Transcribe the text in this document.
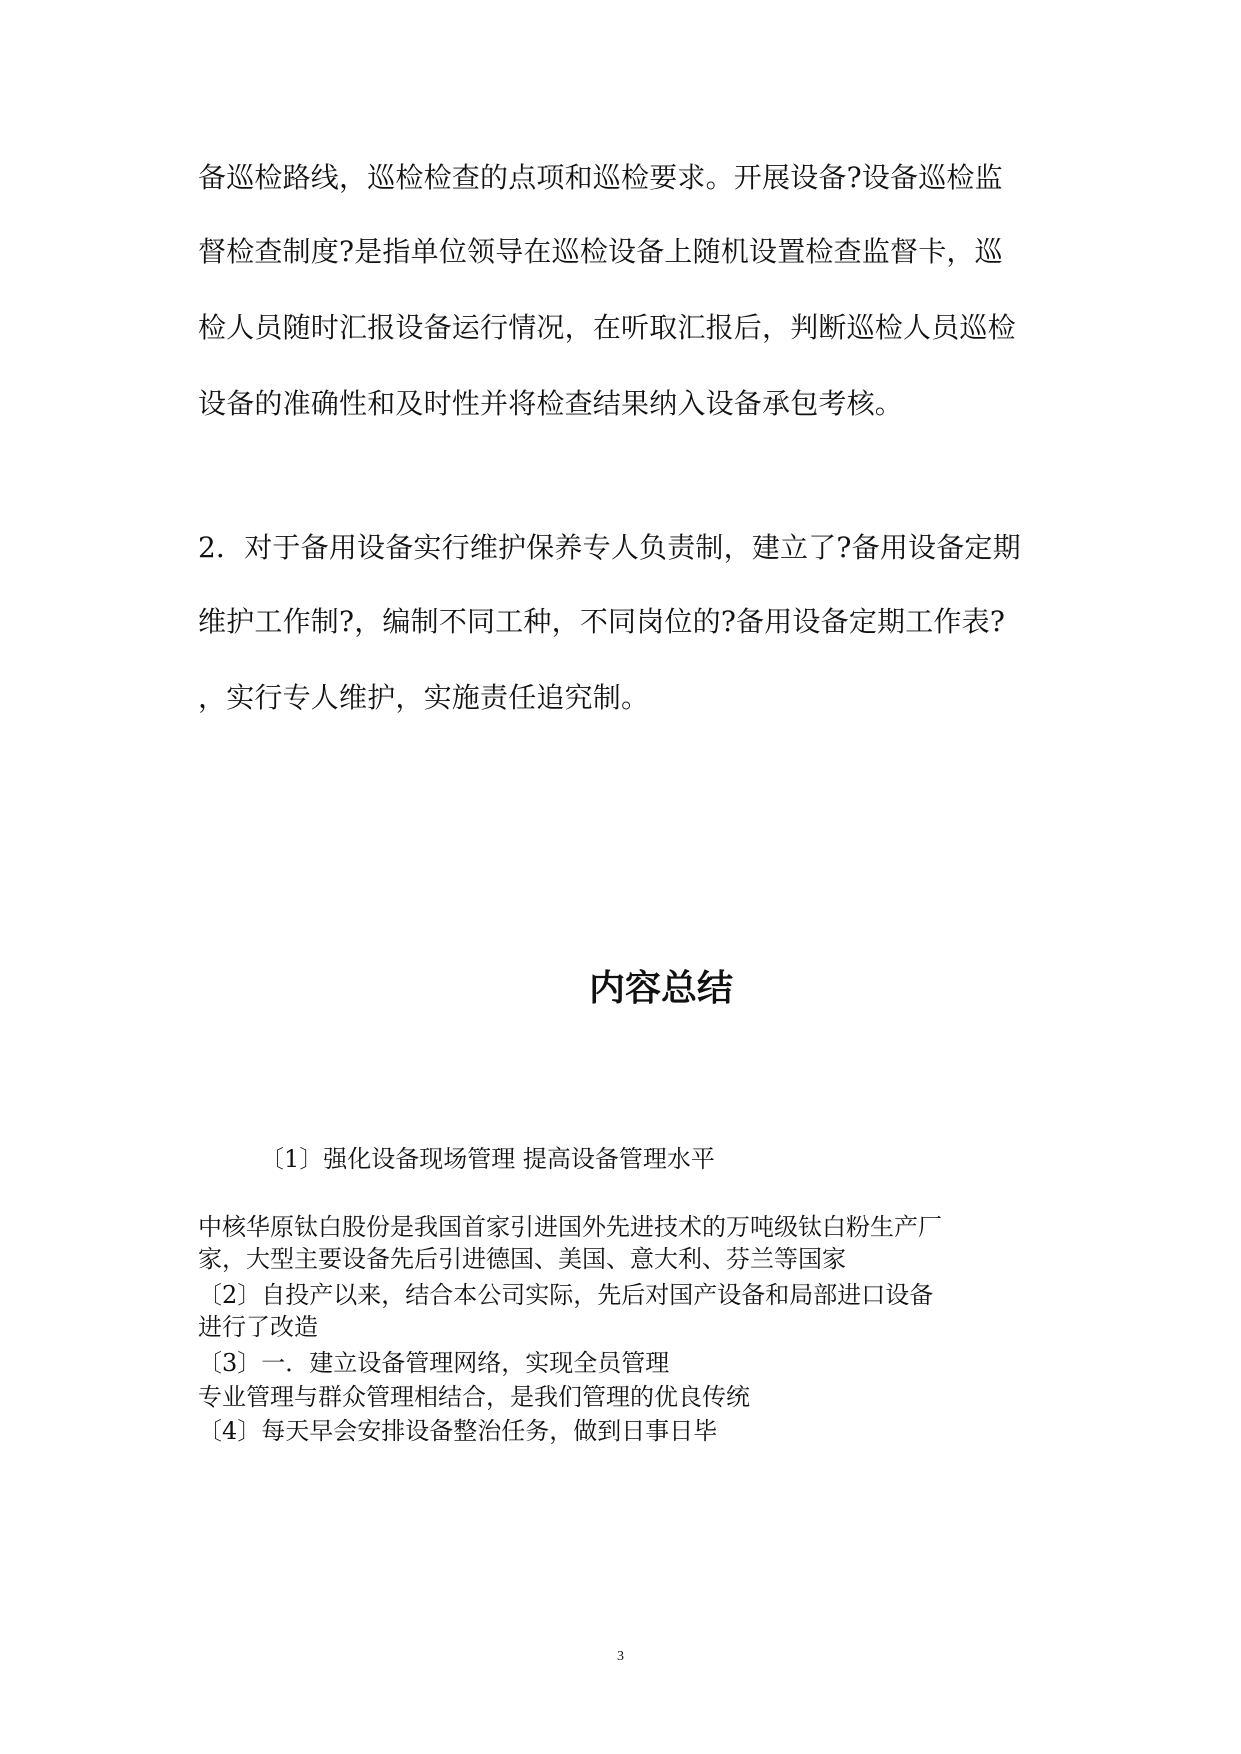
备巡检路线，巡检检查的点项和巡检要求。开展设备?设备巡检监
督检查制度?是指单位领导在巡检设备上随机设置检查监督卡，巡
检人员随时汇报设备运行情况，在听取汇报后，判断巡检人员巡检
设备的准确性和及时性并将检查结果纳入设备承包考核。
2．对于备用设备实行维护保养专人负责制，建立了?备用设备定期
维护工作制?，编制不同工种，不同岗位的?备用设备定期工作表?
，实行专人维护，实施责任追究制。
内容总结
〔1〕强化设备现场管理 提高设备管理水平
中核华原钛白股份是我国首家引进国外先进技术的万吨级钛白粉生产厂
家，大型主要设备先后引进德国、美国、意大利、芬兰等国家
〔2〕自投产以来，结合本公司实际，先后对国产设备和局部进口设备
进行了改造
〔3〕一．建立设备管理网络，实现全员管理
专业管理与群众管理相结合，是我们管理的优良传统
〔4〕每天早会安排设备整治任务，做到日事日毕
3
